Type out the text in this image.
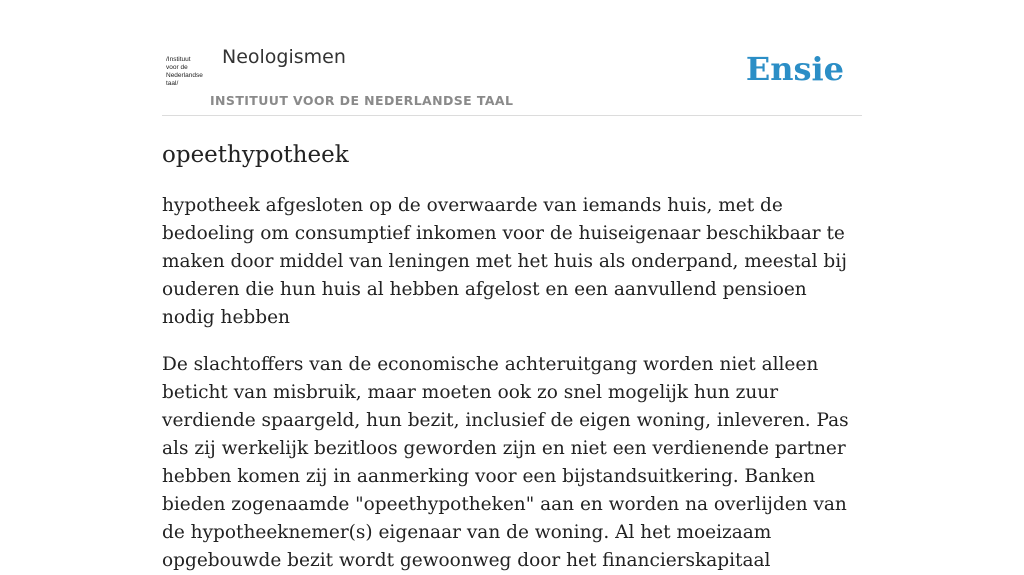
/Instituut
voor de
Nederlandse
taal/
Neologismen
INSTITUUT VOOR DE NEDERLANDSE TAAL
Ensie
opeethypotheek

hypotheek afgesloten op de overwaarde van iemands huis, met de bedoeling om consumptief inkomen voor de huiseigenaar beschikbaar te maken door middel van leningen met het huis als onderpand, meestal bij ouderen die hun huis al hebben afgelost en een aanvullend pensioen nodig hebben

De slachtoffers van de economische achteruitgang worden niet alleen beticht van misbruik, maar moeten ook zo snel mogelijk hun zuur verdiende spaargeld, hun bezit, inclusief de eigen woning, inleveren. Pas als zij werkelijk bezitloos geworden zijn en niet een verdienende partner hebben komen zij in aanmerking voor een bijstandsuitkering. Banken bieden zogenaamde "opeethypotheken" aan en worden na overlijden van de hypotheeknemer(s) eigenaar van de woning. Al het moeizaam opgebouwde bezit wordt gewoonweg door het financierskapitaal
